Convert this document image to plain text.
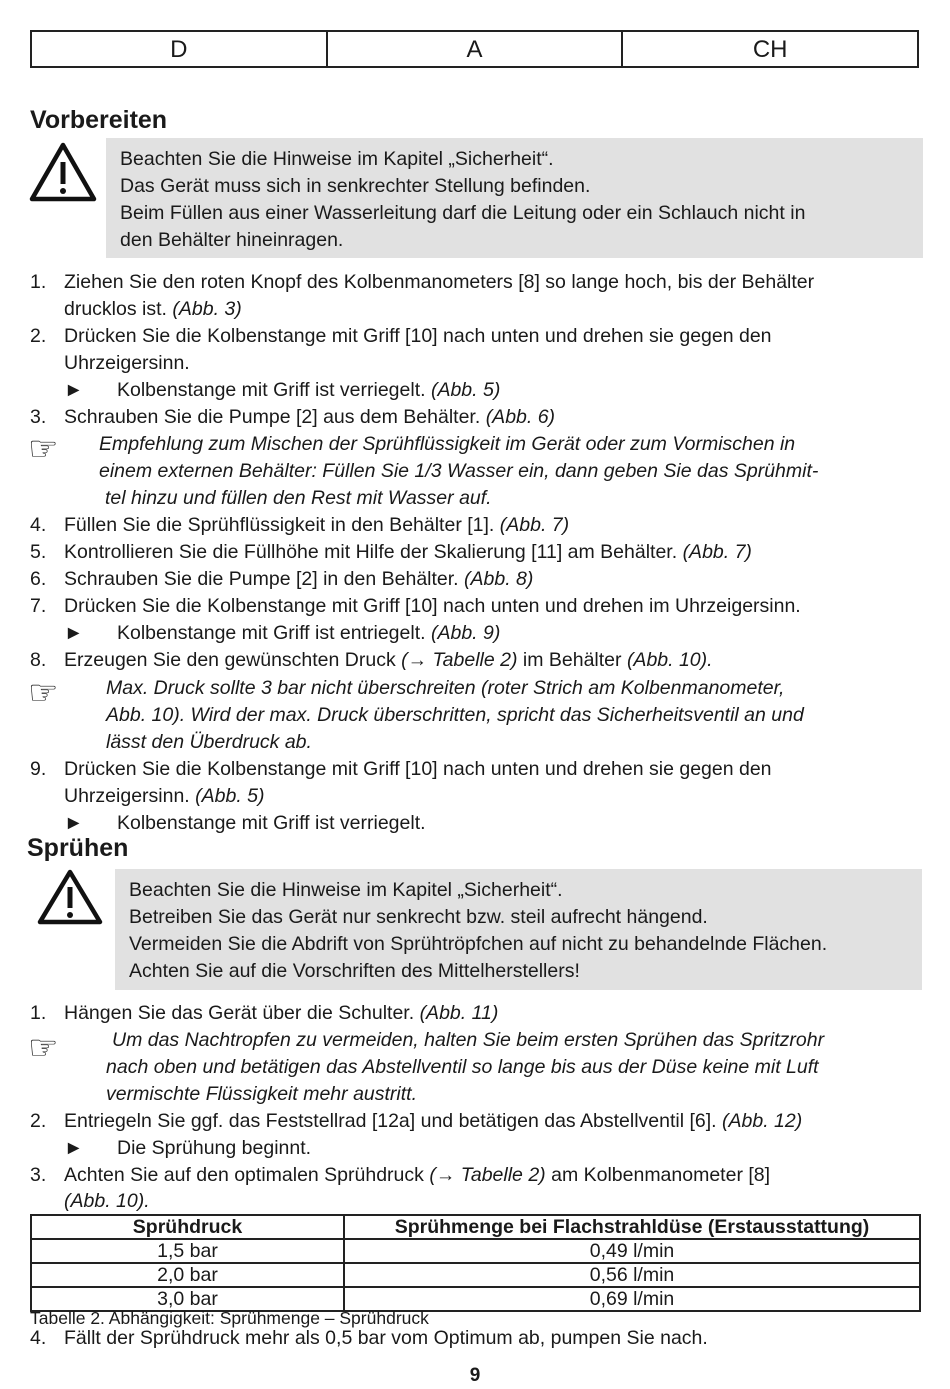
D	A	CH
Vorbereiten
Beachten Sie die Hinweise im Kapitel „Sicherheit“.
Das Gerät muss sich in senkrechter Stellung befinden.
Beim Füllen aus einer Wasserleitung darf die Leitung oder ein Schlauch nicht in
den Behälter hineinragen.
1. Ziehen Sie den roten Knopf des Kolbenmanometers [8] so lange hoch, bis der Behälter
drucklos ist. (Abb. 3)
2. Drücken Sie die Kolbenstange mit Griff [10] nach unten und drehen sie gegen den
Uhrzeigersinn.
► Kolbenstange mit Griff ist verriegelt. (Abb. 5)
3. Schrauben Sie die Pumpe [2] aus dem Behälter. (Abb. 6)
☞ Empfehlung zum Mischen der Sprühflüssigkeit im Gerät oder zum Vormischen in
einem externen Behälter: Füllen Sie 1/3 Wasser ein, dann geben Sie das Sprühmit-
tel hinzu und füllen den Rest mit Wasser auf.
4. Füllen Sie die Sprühflüssigkeit in den Behälter [1]. (Abb. 7)
5. Kontrollieren Sie die Füllhöhe mit Hilfe der Skalierung [11] am Behälter. (Abb. 7)
6. Schrauben Sie die Pumpe [2] in den Behälter. (Abb. 8)
7. Drücken Sie die Kolbenstange mit Griff [10] nach unten und drehen im Uhrzeigersinn.
► Kolbenstange mit Griff ist entriegelt. (Abb. 9)
8. Erzeugen Sie den gewünschten Druck (→ Tabelle 2) im Behälter (Abb. 10).
☞ Max. Druck sollte 3 bar nicht überschreiten (roter Strich am Kolbenmanometer,
Abb. 10). Wird der max. Druck überschritten, spricht das Sicherheitsventil an und
lässt den Überdruck ab.
9. Drücken Sie die Kolbenstange mit Griff [10] nach unten und drehen sie gegen den
Uhrzeigersinn. (Abb. 5)
► Kolbenstange mit Griff ist verriegelt.
Sprühen
Beachten Sie die Hinweise im Kapitel „Sicherheit“.
Betreiben Sie das Gerät nur senkrecht bzw. steil aufrecht hängend.
Vermeiden Sie die Abdrift von Sprühtröpfchen auf nicht zu behandelnde Flächen.
Achten Sie auf die Vorschriften des Mittelherstellers!
1. Hängen Sie das Gerät über die Schulter. (Abb. 11)
☞	Um das Nachtropfen zu vermeiden, halten Sie beim ersten Sprühen das Spritzrohr
nach oben und betätigen das Abstellventil so lange bis aus der Düse keine mit Luft
vermischte Flüssigkeit mehr austritt.
2. Entriegeln Sie ggf. das Feststellrad [12a] und betätigen das Abstellventil [6]. (Abb. 12)
► Die Sprühung beginnt.
3. Achten Sie auf den optimalen Sprühdruck (→ Tabelle 2) am Kolbenmanometer [8]
(Abb. 10).
Sprühdruck	Sprühmenge bei Flachstrahldüse (Erstausstattung)
1,5 bar	0,49 l/min
2,0 bar	0,56 l/min
3,0 bar	0,69 l/min
Tabelle 2. Abhängigkeit: Sprühmenge – Sprühdruck
4. Fällt der Sprühdruck mehr als 0,5 bar vom Optimum ab, pumpen Sie nach.
9
